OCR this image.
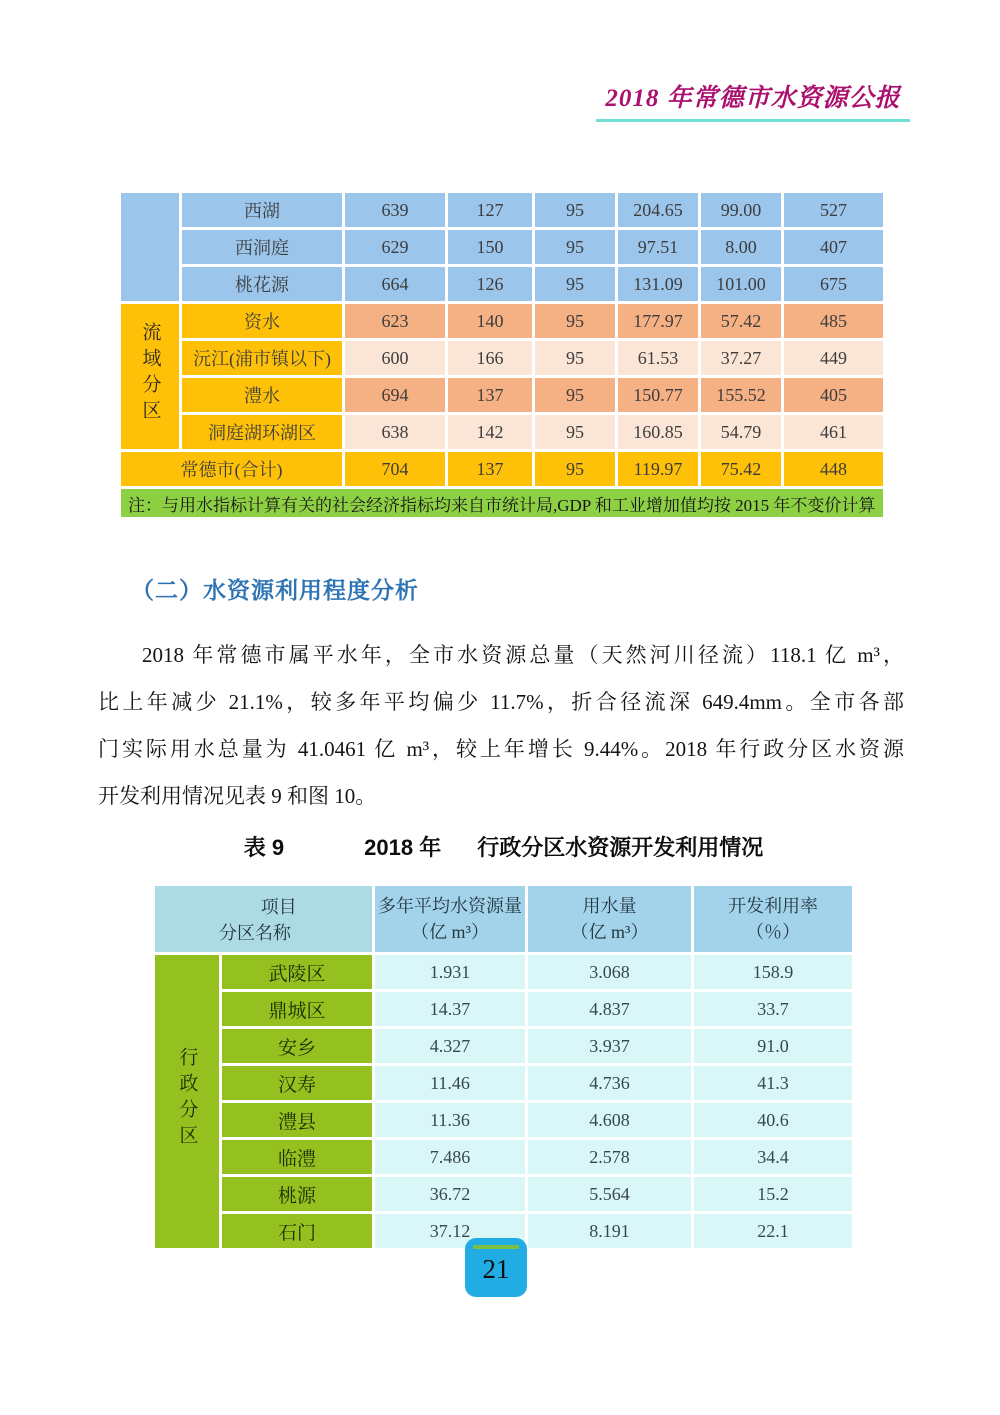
2018 年常德市水资源公报
	西湖	639	127	95	204.65	99.00	527
	西洞庭	629	150	95	97.51	8.00	407
	桃花源	664	126	95	131.09	101.00	675
流域分区	资水	623	140	95	177.97	57.42	485
	沅江(浦市镇以下)	600	166	95	61.53	37.27	449
	澧水	694	137	95	150.77	155.52	405
	洞庭湖环湖区	638	142	95	160.85	54.79	461
常德市(合计)		704	137	95	119.97	75.42	448
注：与用水指标计算有关的社会经济指标均来自市统计局,GDP 和工业增加值均按 2015 年不变价计算							
（二）水资源利用程度分析
2018 年常德市属平水年，全市水资源总量（天然河川径流）118.1 亿 m³，
比上年减少 21.1%，较多年平均偏少 11.7%，折合径流深 649.4mm。全市各部
门实际用水总量为 41.0461 亿 m³，较上年增长 9.44%。2018 年行政分区水资源
开发利用情况见表 9 和图 10。
表 9	2018 年 行政分区水资源开发利用情况
项目
分区名称

多年平均水资源量
（亿 m³）

用水量
（亿 m³）

开发利用率
（％）

行政分区	武陵区	1.931	3.068	158.9
	鼎城区	14.37	4.837	33.7
	安乡	4.327	3.937	91.0
	汉寿	11.46	4.736	41.3
	澧县	11.36	4.608	40.6
	临澧	7.486	2.578	34.4
	桃源	36.72	5.564	15.2
	石门	37.12	8.191	22.1
21
